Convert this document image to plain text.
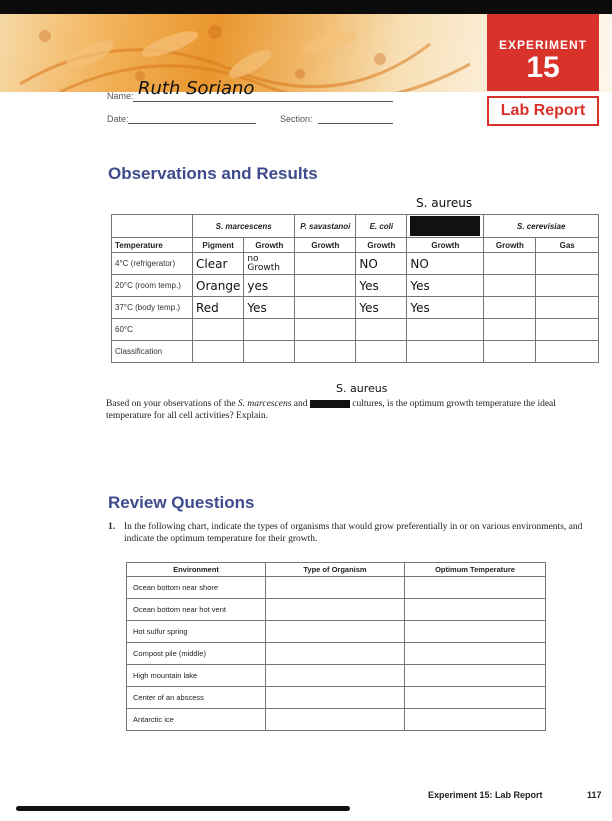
EXPERIMENT
15
Lab Report
Name: Ruth Soriano
Date:	Section:
Observations and Results
S. aureus
	S. marcescens		P. savastanoi	E. coli		S. cerevisiae	
Temperature	Pigment	Growth	Growth	Growth	Growth	Growth	Gas
4°C (refrigerator)	Clear	no Growth		NO	NO		
20°C (room temp.)	Orange	yes		Yes	Yes		
37°C (body temp.)	Red	Yes		Yes	Yes		
60°C							
Classification							
S. aureus
Based on your observations of the S. marcescens and	cultures, is the optimum growth temperature the ideal temperature for all cell activities? Explain.
Review Questions
1. In the following chart, indicate the types of organisms that would grow preferentially in or on various environments, and indicate the optimum temperature for their growth.
Environment	Type of Organism	Optimum Temperature
Ocean bottom near shore		
Ocean bottom near hot vent		
Hot sulfur spring		
Compost pile (middle)		
High mountain lake		
Center of an abscess		
Antarctic ice		
Experiment 15: Lab Report	117
